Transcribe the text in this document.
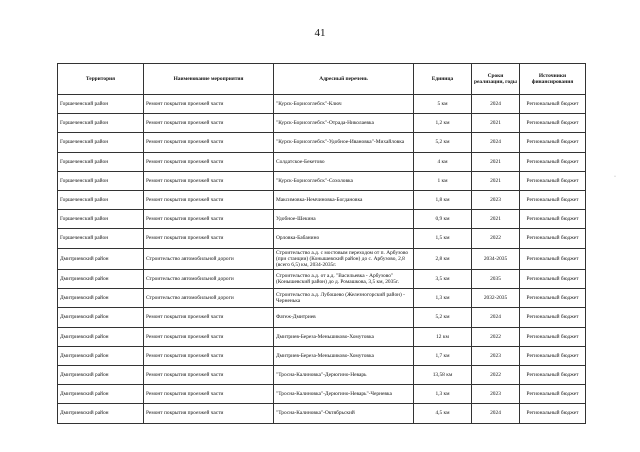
41
Территория	Наименование мероприятия	Адресный перечень	Единица	Сроки реализации, годы	Источники финансирования
Горшеченский район	Ремонт покрытия проезжей части	"Курск-Борисоглебск"-Ключ	5 км	2024	Региональный бюджет
Горшеченский район	Ремонт покрытия проезжей части	"Курск-Борисоглебск"-Отрада-Николаевка	1,2 км	2021	Региональный бюджет
Горшеченский район	Ремонт покрытия проезжей части	"Курск-Борисоглебск"-Удобное-Ивановка"-Михайловка	5,2 км	2024	Региональный бюджет
Горшеченский район	Ремонт покрытия проезжей части	Солдатское-Бекетово	4 км	2021	Региональный бюджет
Горшеченский район	Ремонт покрытия проезжей части	"Курск-Борисоглебск"-Сохоловка	1 км	2021	Региональный бюджет
Горшеченский район	Ремонт покрытия проезжей части	Максимовка-Немчиновка-Богдановка	1,8 км	2023	Региональный бюджет
Горшеченский район	Ремонт покрытия проезжей части	Удобное-Шекина	0,9 км	2021	Региональный бюджет
Горшеченский район	Ремонт покрытия проезжей части	Орловка-Бабанино	1,5 км	2022	Региональный бюджет
Дмитриевский район	Строительство автомобильной дороги	Строительство а.д. с мостовым переходом от п. Арбузово (при станции) (Конышевский район) до с. Арбузово, 2,8 (всего 6,5) км, 2034-2035г.	2,8 км	2034-2035	Региональный бюджет
Дмитриевский район	Строительство автомобильной дороги	Строительство а.д. от а.д. "Васильевка - Арбузово" (Конышевский район) до д. Ромашкова, 3,5 км, 2035г.	3,5 км	2035	Региональный бюджет
Дмитриевский район	Строительство автомобильной дороги	Строительство а.д. Лубошево (Железногорский район) - Черненька	1,3 км	2032-2035	Региональный бюджет
Дмитриевский район	Ремонт покрытия проезжей части	Фатеж-Дмитриев	5,2 км	2024	Региональный бюджет
Дмитриевский район	Ремонт покрытия проезжей части	Дмитриев-Береза-Меньшиково-Хомутовка	12 км	2022	Региональный бюджет
Дмитриевский район	Ремонт покрытия проезжей части	Дмитриев-Береза-Меньшиково-Хомутовка	1,7 км	2023	Региональный бюджет
Дмитриевский район	Ремонт покрытия проезжей части	"Тросна-Калиновка"-Дерюгино-Неварь	13,58 км	2022	Региональный бюджет
Дмитриевский район	Ремонт покрытия проезжей части	"Тросна-Калиновка"-Дерюгино-Неварь"-Черневка	1,3 км	2023	Региональный бюджет
Дмитриевский район	Ремонт покрытия проезжей части	"Тросна-Калиновка"-Октябрьский	4,5 км	2024	Региональный бюджет
·
